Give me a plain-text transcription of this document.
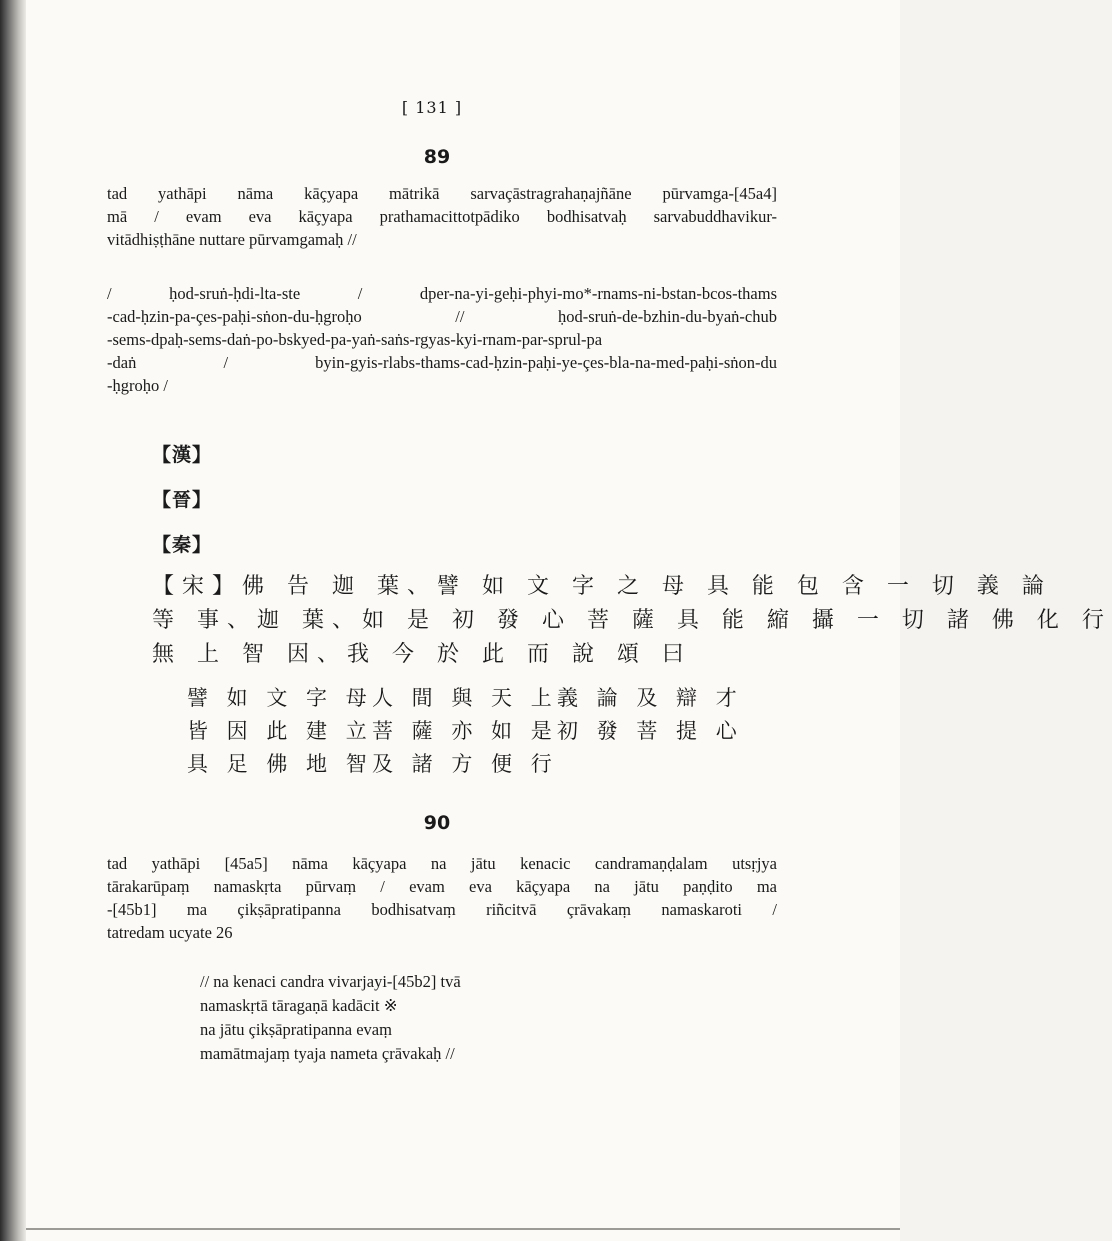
[ 131 ]
89
tad yathāpi nāma kāçyapa mātrikā sarvaçāstragrahaṇajñāne pūrvamga-[45a4]
mā / evam eva kāçyapa prathamacittotpādiko bodhisatvaḥ sarvabuddhavikur-
vitādhiṣṭhāne nuttare pūrvamgamaḥ //
/ ḥod-sruṅ-ḥdi-lta-ste / dper-na-yi-geḥi-phyi-mo*-rnams-ni-bstan-bcos-thams
-cad-ḥzin-pa-çes-paḥi-sṅon-du-ḥgroḥo // ḥod-sruṅ-de-bzhin-du-byaṅ-chub
-sems-dpaḥ-sems-daṅ-po-bskyed-pa-yaṅ-saṅs-rgyas-kyi-rnam-par-sprul-pa
-daṅ / byin-gyis-rlabs-thams-cad-ḥzin-paḥi-ye-çes-bla-na-med-paḥi-sṅon-du
-ḥgroḥo /
【漢】
【晉】
【秦】
【宋】佛 告 迦 葉、譬 如 文 字 之 母 具 能 包 含 一 切 義 論
等 事、迦 葉、如 是 初 發 心 菩 薩 具 能 縮 攝 一 切 諸 佛 化 行
無 上 智 因、我 今 於 此 而 說 頌 曰
譬 如 文 字 母 人 間 與 天 上 義 論 及 辯 才
皆 因 此 建 立 菩 薩 亦 如 是 初 發 菩 提 心
具 足 佛 地 智 及 諸 方 便 行
90
tad yathāpi [45a5] nāma kāçyapa na jātu kenacic candramaṇḍalam utsṛjya
tārakarūpaṃ namaskṛta pūrvaṃ / evam eva kāçyapa na jātu paṇḍito ma
-[45b1] ma çikṣāpratipanna bodhisatvaṃ riñcitvā çrāvakaṃ namaskaroti /
tatredam ucyate 26
// na kenaci candra vivarjayi-[45b2] tvā
namaskṛtā tāragaṇā kadācit ※
na jātu çikṣāpratipanna evaṃ
mamātmajaṃ tyaja nameta çrāvakaḥ //
